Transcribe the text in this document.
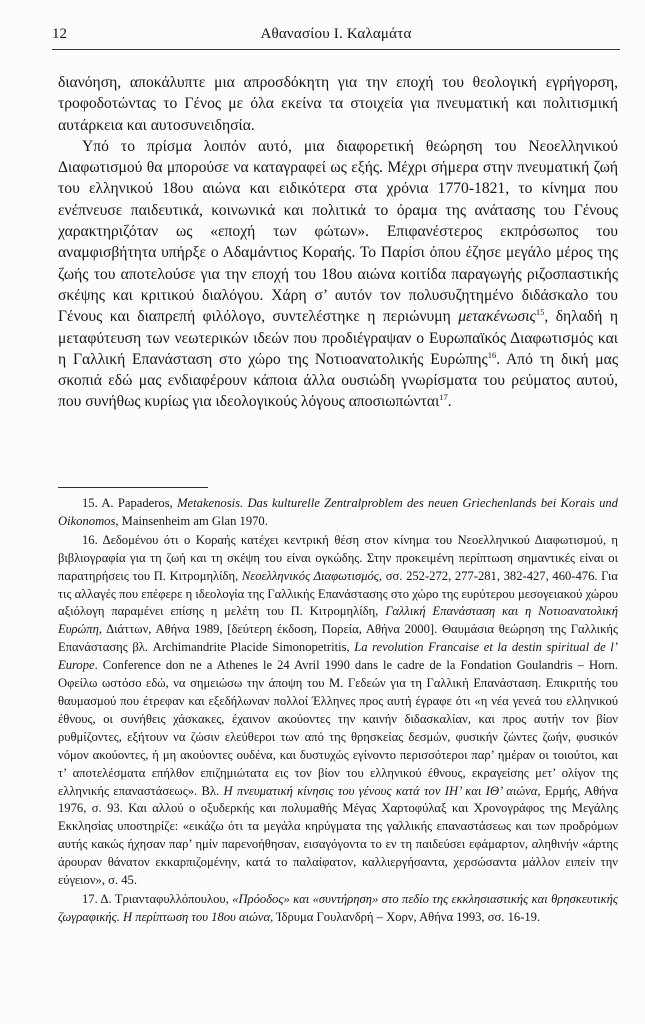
12	Αθανασίου Ι. Καλαμάτα

διανόηση, αποκάλυπτε μια απροσδόκητη για την εποχή του θεολογική εγρήγορση, τροφοδοτώντας το Γένος με όλα εκείνα τα στοιχεία για πνευματική και πολιτισμική αυτάρκεια και αυτοσυνειδησία.

Υπό το πρίσμα λοιπόν αυτό, μια διαφορετική θεώρηση του Νεοελληνικού Διαφωτισμού θα μπορούσε να καταγραφεί ως εξής. Μέχρι σήμερα στην πνευματική ζωή του ελληνικού 18ου αιώνα και ειδικότερα στα χρόνια 1770-1821, το κίνημα που ενέπνευσε παιδευτικά, κοινωνικά και πολιτικά το όραμα της ανάτασης του Γένους χαρακτηριζόταν ως «εποχή των φώτων». Επιφανέστερος εκπρόσωπος του αναμφισβήτητα υπήρξε ο Αδαμάντιος Κοραής. Το Παρίσι όπου έζησε μεγάλο μέρος της ζωής του αποτελούσε για την εποχή του 18ου αιώνα κοιτίδα παραγωγής ριζοσπαστικής σκέψης και κριτικού διαλόγου. Χάρη σ’ αυτόν τον πολυσυζητημένο διδάσκαλο του Γένους και διαπρεπή φιλόλογο, συντελέστηκε η περιώνυμη μετακένωσις$^{15}$, δηλαδή η μεταφύτευση των νεωτερικών ιδεών που προδιέγραψαν ο Ευρωπαϊκός Διαφωτισμός και η Γαλλική Επανάσταση στο χώρο της Νοτιοανατολικής Ευρώπης$^{16}$. Από τη δική μας σκοπιά εδώ μας ενδιαφέρουν κάποια άλλα ουσιώδη γνωρίσματα του ρεύματος αυτού, που συνήθως κυρίως για ιδεολογικούς λόγους αποσιωπώνται$^{17}$.

15. A. Papaderos, Metakenosis. Das kulturelle Zentralproblem des neuen Griechenlands bei Korais und Oikonomos, Mainsenheim am Glan 1970.

16. Δεδομένου ότι ο Κοραής κατέχει κεντρική θέση στον κίνημα του Νεοελληνικού Διαφωτισμού, η βιβλιογραφία για τη ζωή και τη σκέψη του είναι ογκώδης. Στην προκειμένη περίπτωση σημαντικές είναι οι παρατηρήσεις του Π. Κιτρομηλίδη, Νεοελληνικός Διαφωτισμός, σσ. 252-272, 277-281, 382-427, 460-476. Για τις αλλαγές που επέφερε η ιδεολογία της Γαλλικής Επανάστασης στο χώρο της ευρύτερου μεσογειακού χώρου αξιόλογη παραμένει επίσης η μελέτη του Π. Κιτρομηλίδη, Γαλλική Επανάσταση και η Νοτιοανατολική Ευρώπη, Διάττων, Αθήνα 1989, [δεύτερη έκδοση, Πορεία, Αθήνα 2000]. Θαυμάσια θεώρηση της Γαλλικής Επανάστασης βλ. Archimandrite Placide Simonopetritis, La revolution Francaise et la destin spiritual de l’ Europe. Conference don ne a Athenes le 24 Avril 1990 dans le cadre de la Fondation Goulandris – Horn. Οφείλω ωστόσο εδώ, να σημειώσω την άποψη του Μ. Γεδεών για τη Γαλλική Επανάσταση. Επικριτής του θαυμασμού που έτρεφαν και εξεδήλωναν πολλοί Έλληνες προς αυτή έγραφε ότι «η νέα γενεά του ελληνικού έθνους, οι συνήθεις χάσκακες, έχαινον ακούοντες την καινήν διδασκαλίαν, και προς αυτήν τον βίον ρυθμίζοντες, εξήτουν να ζώσιν ελεύθεροι των από της θρησκείας δεσμών, φυσικήν ζώντες ζωήν, φυσικόν νόμον ακούοντες, ή μη ακούοντες ουδένα, και δυστυχώς εγίνοντο περισσότεροι παρ’ ημέραν οι τοιούτοι, και τ’ αποτελέσματα επήλθον επιζημιώτατα εις τον βίον του ελληνικού έθνους, εκραγείσης μετ’ ολίγον της ελληνικής επαναστάσεως». Βλ. Η πνευματική κίνησις του γένους κατά τον ΙΗ’ και ΙΘ’ αιώνα, Ερμής, Αθήνα 1976, σ. 93. Και αλλού ο οξυδερκής και πολυμαθής Μέγας Χαρτοφύλαξ και Χρονογράφος της Μεγάλης Εκκλησίας υποστηρίζε: «εικάζω ότι τα μεγάλα κηρύγματα της γαλλικής επαναστάσεως και των προδρόμων αυτής κακώς ήχησαν παρ’ ημίν παρενοήθησαν, εισαγόγοντα το εν τη παιδεύσει εφάμαρτον, αληθινήν «άρτης άρουραν θάνατον εκκαρπιζομένην, κατά το παλαίφατον, καλλιεργήσαντα, χερσώσαντα μάλλον ειπείν την εύγειον», σ. 45.

17. Δ. Τριανταφυλλόπουλου, «Πρόοδος» και «συντήρηση» στο πεδίο της εκκλησιαστικής και θρησκευτικής ζωγραφικής. Η περίπτωση του 18ου αιώνα, Ίδρυμα Γουλανδρή – Χορν, Αθήνα 1993, σσ. 16-19.
